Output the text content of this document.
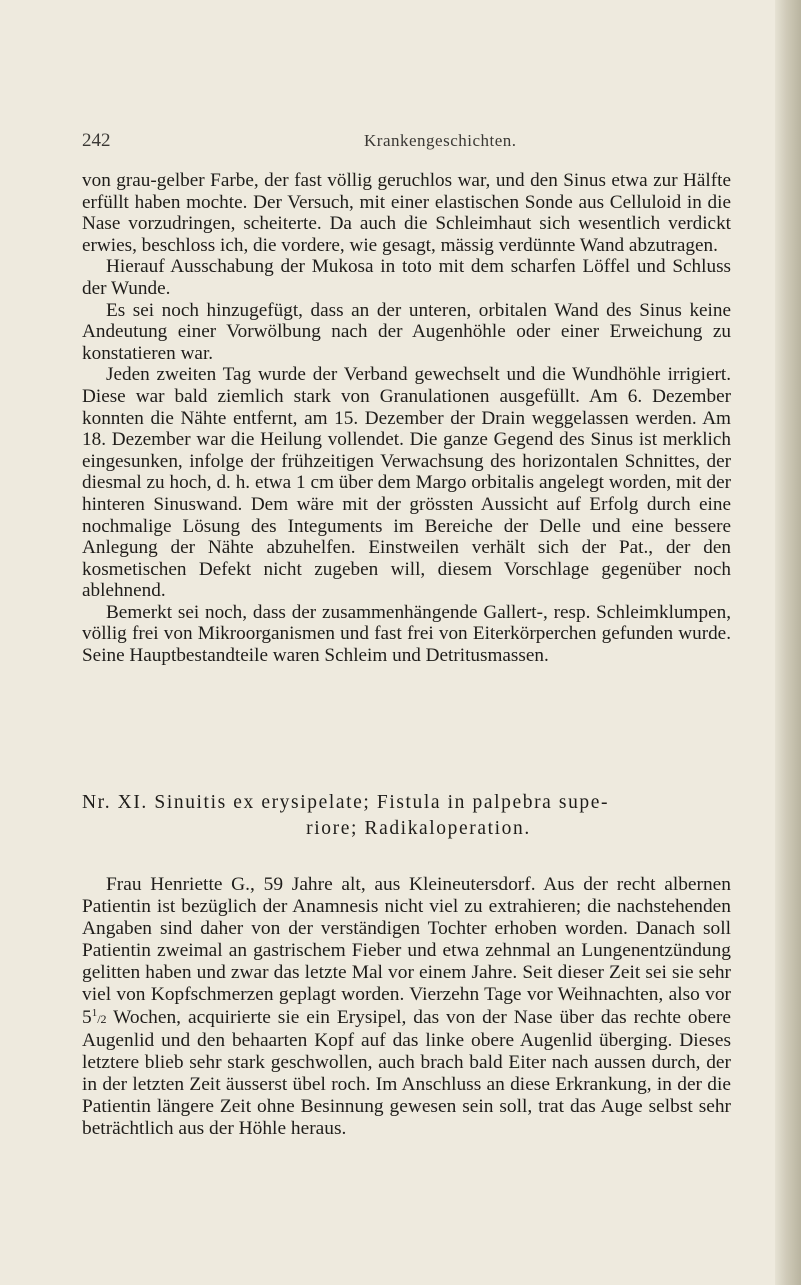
242	Krankengeschichten.

von grau-gelber Farbe, der fast völlig geruchlos war, und den Sinus etwa zur Hälfte erfüllt haben mochte. Der Versuch, mit einer elastischen Sonde aus Celluloid in die Nase vorzudringen, scheiterte. Da auch die Schleimhaut sich wesentlich verdickt erwies, beschloss ich, die vordere, wie gesagt, mässig verdünnte Wand abzutragen.

Hierauf Ausschabung der Mukosa in toto mit dem scharfen Löffel und Schluss der Wunde.

Es sei noch hinzugefügt, dass an der unteren, orbitalen Wand des Sinus keine Andeutung einer Vorwölbung nach der Augenhöhle oder einer Erweichung zu konstatieren war.

Jeden zweiten Tag wurde der Verband gewechselt und die Wundhöhle irrigiert. Diese war bald ziemlich stark von Granulationen ausgefüllt. Am 6. Dezember konnten die Nähte entfernt, am 15. Dezember der Drain weggelassen werden. Am 18. Dezember war die Heilung vollendet. Die ganze Gegend des Sinus ist merklich eingesunken, infolge der frühzeitigen Verwachsung des horizontalen Schnittes, der diesmal zu hoch, d. h. etwa 1 cm über dem Margo orbitalis angelegt worden, mit der hinteren Sinuswand. Dem wäre mit der grössten Aussicht auf Erfolg durch eine nochmalige Lösung des Integuments im Bereiche der Delle und eine bessere Anlegung der Nähte abzuhelfen. Einstweilen verhält sich der Pat., der den kosmetischen Defekt nicht zugeben will, diesem Vorschlage gegenüber noch ablehnend.

Bemerkt sei noch, dass der zusammenhängende Gallert-, resp. Schleimklumpen, völlig frei von Mikroorganismen und fast frei von Eiterkörperchen gefunden wurde. Seine Hauptbestandteile waren Schleim und Detritusmassen.

Nr. XI. Sinuitis ex erysipelate; Fistula in palpebra supe-
riore; Radikaloperation.

Frau Henriette G., 59 Jahre alt, aus Kleineutersdorf. Aus der recht albernen Patientin ist bezüglich der Anamnesis nicht viel zu extrahieren; die nachstehenden Angaben sind daher von der verständigen Tochter erhoben worden. Danach soll Patientin zweimal an gastrischem Fieber und etwa zehnmal an Lungenentzündung gelitten haben und zwar das letzte Mal vor einem Jahre. Seit dieser Zeit sei sie sehr viel von Kopfschmerzen geplagt worden. Vierzehn Tage vor Weihnachten, also vor $5^1/2$ Wochen, acquirierte sie ein Erysipel, das von der Nase über das rechte obere Augenlid und den behaarten Kopf auf das linke obere Augenlid überging. Dieses letztere blieb sehr stark geschwollen, auch brach bald Eiter nach aussen durch, der in der letzten Zeit äusserst übel roch. Im Anschluss an diese Erkrankung, in der die Patientin längere Zeit ohne Besinnung gewesen sein soll, trat das Auge selbst sehr beträchtlich aus der Höhle heraus.
